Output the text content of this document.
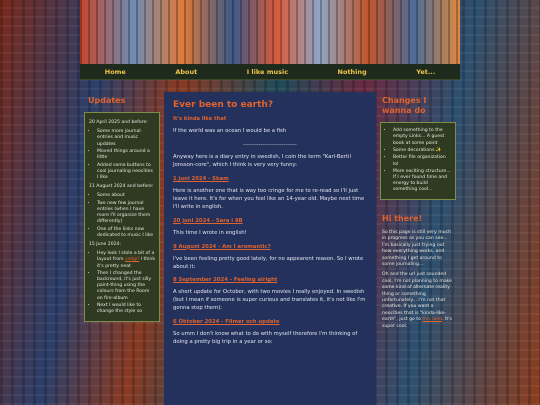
Home	About	I like music	Nothing	Yet...
Updates

20 April 2025 and before:

• Some more journal entries and music updates
• Moved things around a little
• Added some buttons to cool journaling neocities I like

11 August 2024 and before:

• Some about
• Two new few journal entries (when I have more I'll organize them differently)
• One of the links now dedicated to music I like

15 June 2024:

• Hey look I stole a bit of a layout from sadgrl I think it's pretty neat
• Then I changed the backround, it's just silly paint-thing using the colours from the Room on fire-album
• Next I would like to change the style so
Ever been to earth?
It's kinda like that

If the world was an ocean I would be a fish

----------------------------

Anyway here is a diary entry in swedish, I coin the term "Karl-Bertil Jonsson-core", which I think is very very funny:

1 juni 2024 - Skam

Here is another one that is way too cringe for me to re-read so I'll just leave it here. It's for when you feel like an 14-year old. Maybe next time I'll write in english.

20 juni 2024 - Sara i 8B

This time I wrote in english!

9 August 2024 - Am I aromantic?

I've been feeling pretty good lately, for no appearent reason. So I wrote about it:

8 September 2024 - Feeling alright

A short update for October, with two movies I really enjoyed. In swedish (but I mean if someone is super curious and translates it, it's not like I'm gonna stop them):

6 Oktober 2024 - Filmer och update

So umm I don't know what to do with myself therefore I'm thinking of doing a pretty big trip in a year or so:

Changes I wanna do
• Add something to the empty Links... A guest book at some point
• Some decorations ✨
• Better file organization lol
• More exciting structure... If I ever found time and energy to build something cool...
Hi there!

So this page is still very much in progress as you can see... I'm basically just trying out how everything works, and something I get around to some journaling...

Oh and the url just sounded cool, I'm not planning to make some kind of alternate reality thing or something unfortunately... I'm not that creative. If you want a neocities that is "kinda-like-earth", just go to this land. It's super cool.
